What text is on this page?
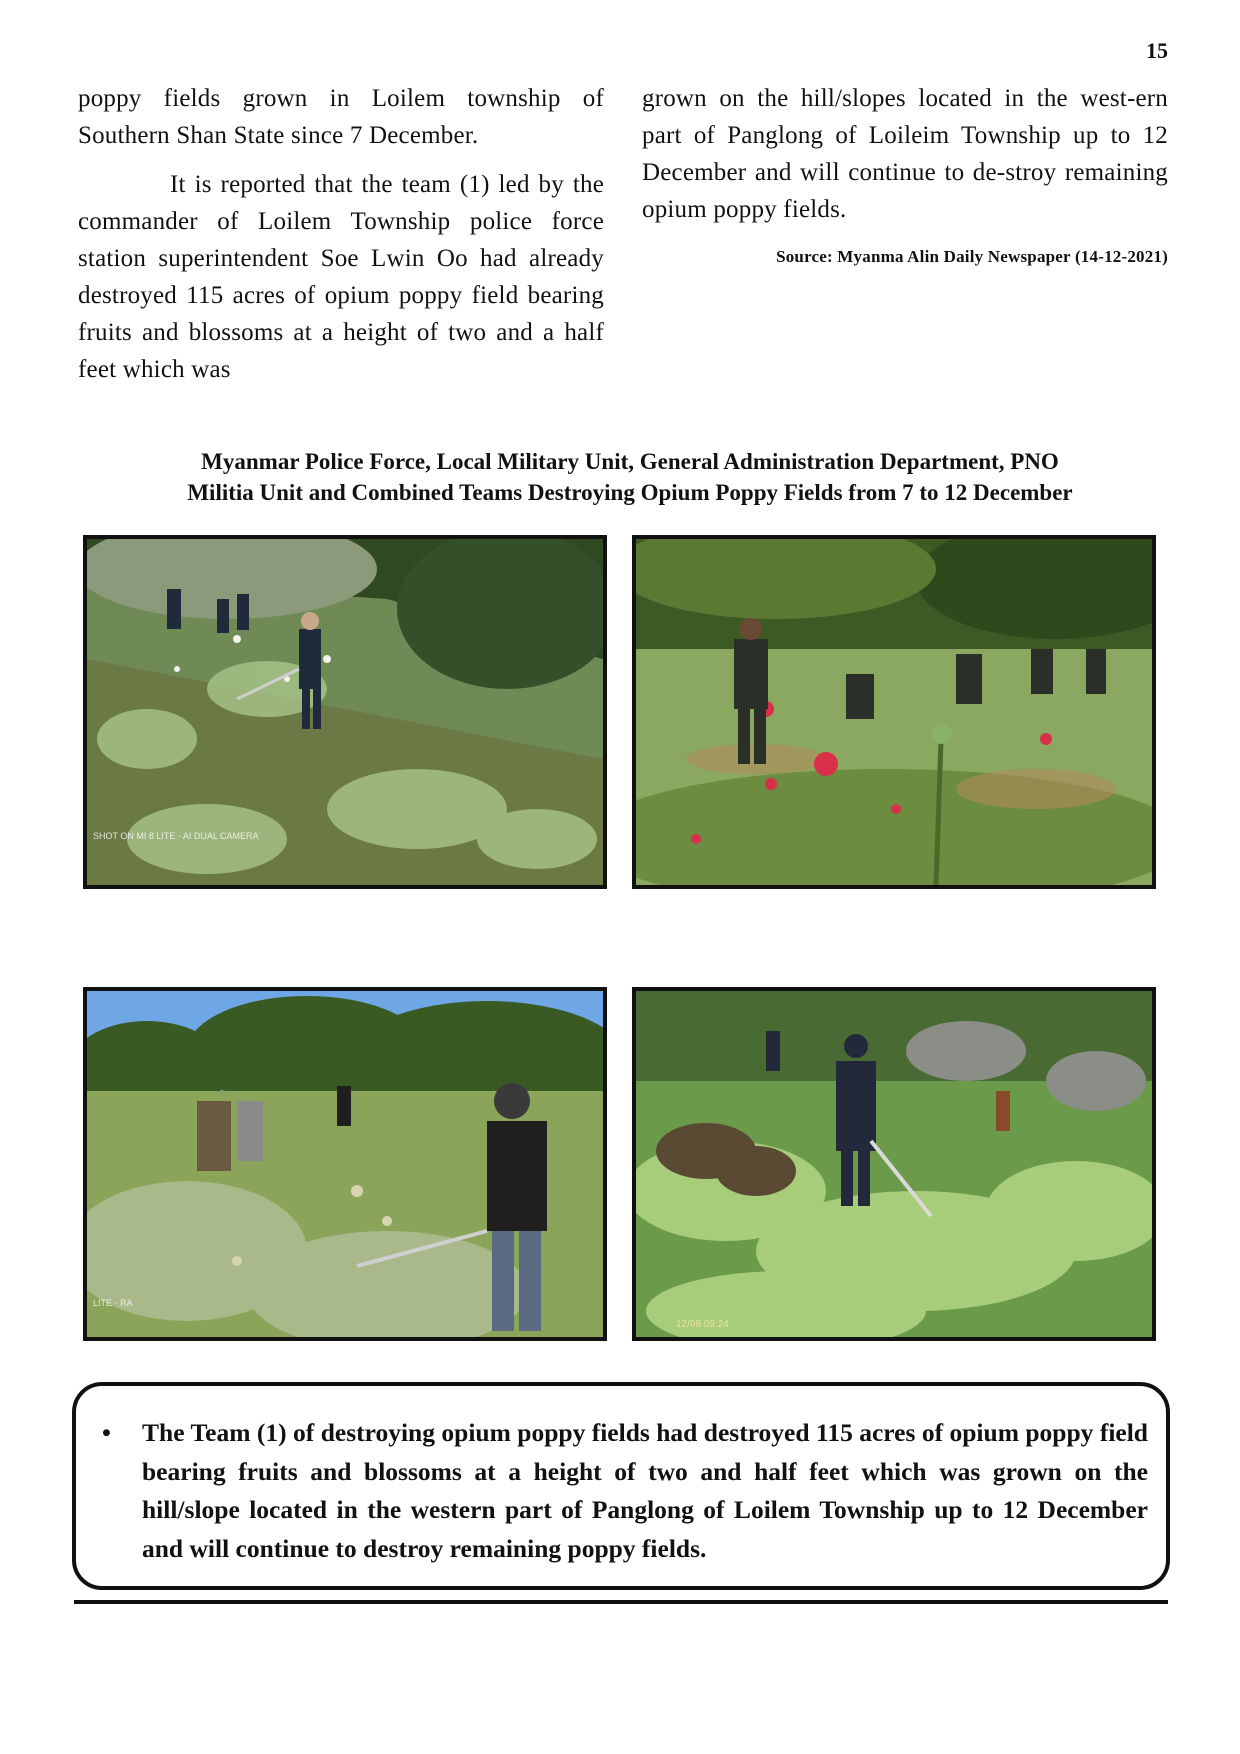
15

poppy fields grown in Loilem township of Southern Shan State since 7 December.

It is reported that the team (1) led by the commander of Loilem Township police force station superintendent Soe Lwin Oo had already destroyed 115 acres of opium poppy field bearing fruits and blossoms at a height of two and a half feet which was

grown on the hill/slopes located in the west-ern part of Panglong of Loileim Township up to 12 December and will continue to de-stroy remaining opium poppy fields.

Source: Myanma Alin Daily Newspaper (14-12-2021)
Myanmar Police Force, Local Military Unit, General Administration Department, PNO
Militia Unit and Combined Teams Destroying Opium Poppy Fields from 7 to 12 December
SHOT ON MI 8 LITE · AI DUAL CAMERA
LITE · RA
12/08 09:24
•	The Team (1) of destroying opium poppy fields had destroyed 115 acres of opium poppy field bearing fruits and blossoms at a height of two and half feet which was grown on the hill/slope located in the western part of Panglong of Loilem Township up to 12 December and will continue to destroy remaining poppy fields.
